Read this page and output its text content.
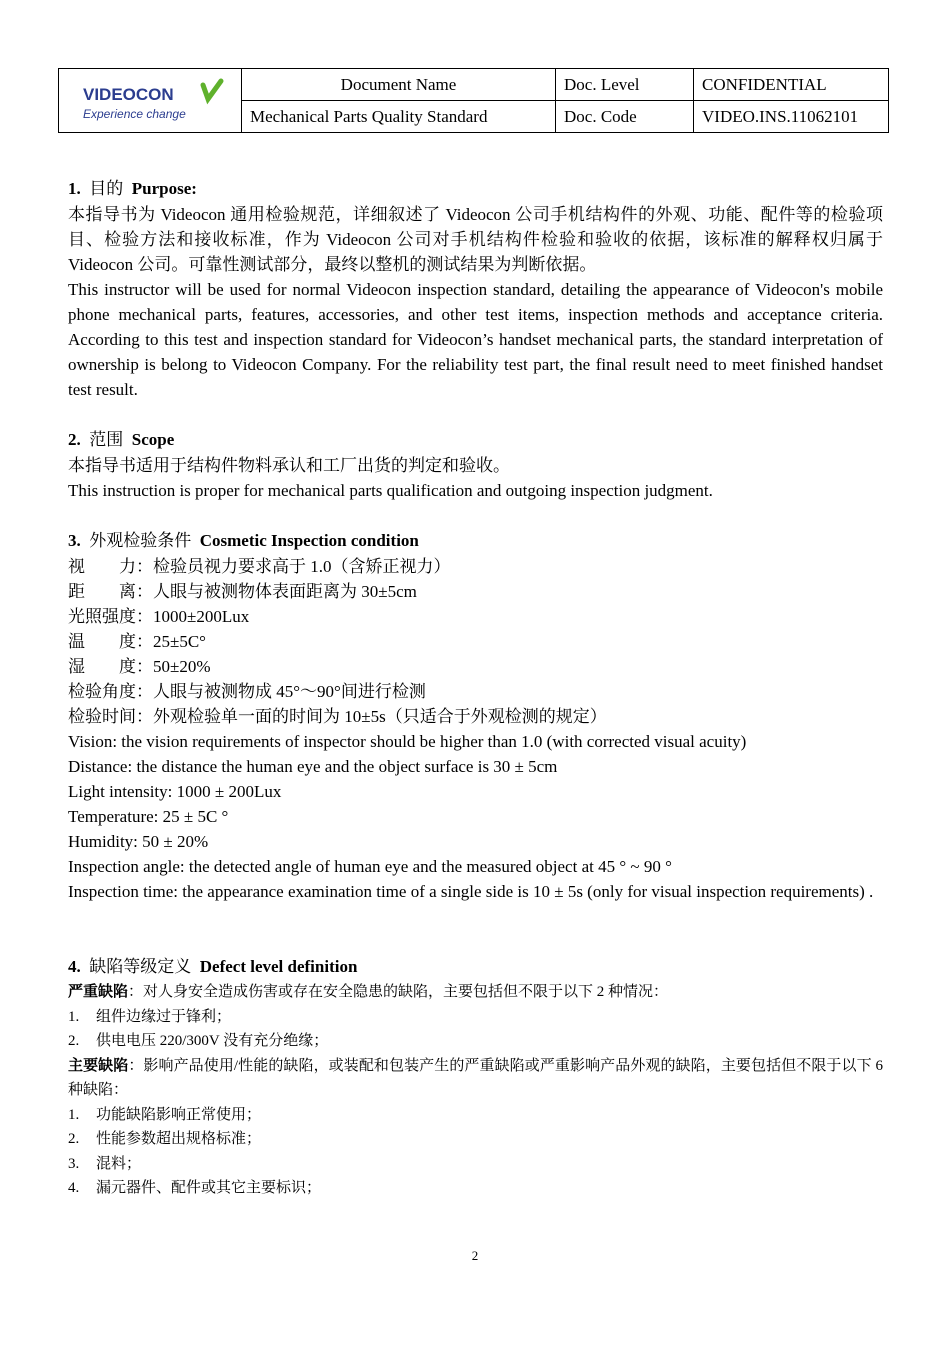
VIDEOCON
Experience change	Document Name	Doc. Level	CONFIDENTIAL
	Mechanical Parts Quality Standard	Doc. Code	VIDEO.INS.11062101

1. 目的 Purpose:

本指导书为 Videocon 通用检验规范，详细叙述了 Videocon 公司手机结构件的外观、功能、配件等的检验项目、检验方法和接收标准，作为 Videocon 公司对手机结构件检验和验收的依据，该标准的解释权归属于 Videocon 公司。可靠性测试部分，最终以整机的测试结果为判断依据。

This instructor will be used for normal Videocon inspection standard, detailing the appearance of Videocon's mobile phone mechanical parts, features, accessories, and other test items, inspection methods and acceptance criteria. According to this test and inspection standard for Videocon’s handset mechanical parts, the standard interpretation of ownership is belong to Videocon Company. For the reliability test part, the final result need to meet finished handset test result.

2. 范围 Scope

本指导书适用于结构件物料承认和工厂出货的判定和验收。

This instruction is proper for mechanical parts qualification and outgoing inspection judgment.

3. 外观检验条件 Cosmetic Inspection condition

视　　力：检验员视力要求高于 1.0（含矫正视力）

距　　离：人眼与被测物体表面距离为 30±5cm

光照强度：1000±200Lux

温　　度：25±5C°

湿　　度：50±20%

检验角度：人眼与被测物成 45°～90°间进行检测

检验时间：外观检验单一面的时间为 10±5s（只适合于外观检测的规定）

Vision: the vision requirements of inspector should be higher than 1.0 (with corrected visual acuity)

Distance: the distance the human eye and the object surface is 30 ± 5cm

Light intensity: 1000 ± 200Lux

Temperature: 25 ± 5C °

Humidity: 50 ± 20%

Inspection angle: the detected angle of human eye and the measured object at 45 ° ~ 90 °

Inspection time: the appearance examination time of a single side is 10 ± 5s (only for visual inspection requirements) .

4. 缺陷等级定义 Defect level definition

严重缺陷：对人身安全造成伤害或存在安全隐患的缺陷，主要包括但不限于以下 2 种情况：

1. 组件边缘过于锋利；

2. 供电电压 220/300V 没有充分绝缘；

主要缺陷：影响产品使用/性能的缺陷，或装配和包装产生的严重缺陷或严重影响产品外观的缺陷，主要包括但不限于以下 6 种缺陷：

1. 功能缺陷影响正常使用；

2. 性能参数超出规格标准；

3. 混料；

4. 漏元器件、配件或其它主要标识；

2
